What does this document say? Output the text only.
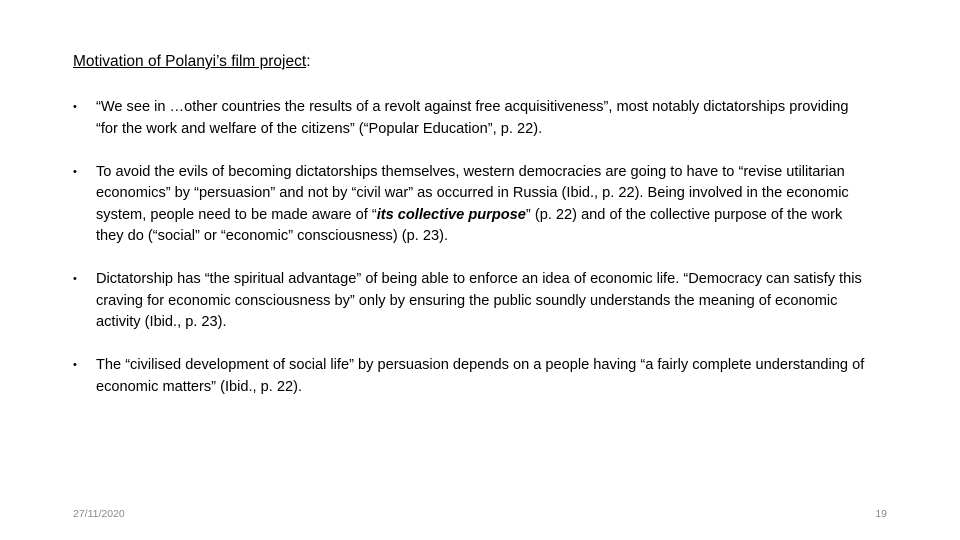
Motivation of Polanyi’s film project:
• “We see in …other countries the results of a revolt against free acquisitiveness”, most notably dictatorships providing “for the work and welfare of the citizens” (“Popular Education”, p. 22).
• To avoid the evils of becoming dictatorships themselves, western democracies are going to have to “revise utilitarian economics” by “persuasion” and not by “civil war” as occurred in Russia (Ibid., p. 22). Being involved in the economic system, people need to be made aware of “its collective purpose” (p. 22) and of the collective purpose of the work they do (“social” or “economic” consciousness) (p. 23).
• Dictatorship has “the spiritual advantage” of being able to enforce an idea of economic life. “Democracy can satisfy this craving for economic consciousness by” only by ensuring the public soundly understands the meaning of economic activity (Ibid., p. 23).
• The “civilised development of social life” by persuasion depends on a people having “a fairly complete understanding of economic matters” (Ibid., p. 22).
27/11/2020	19
